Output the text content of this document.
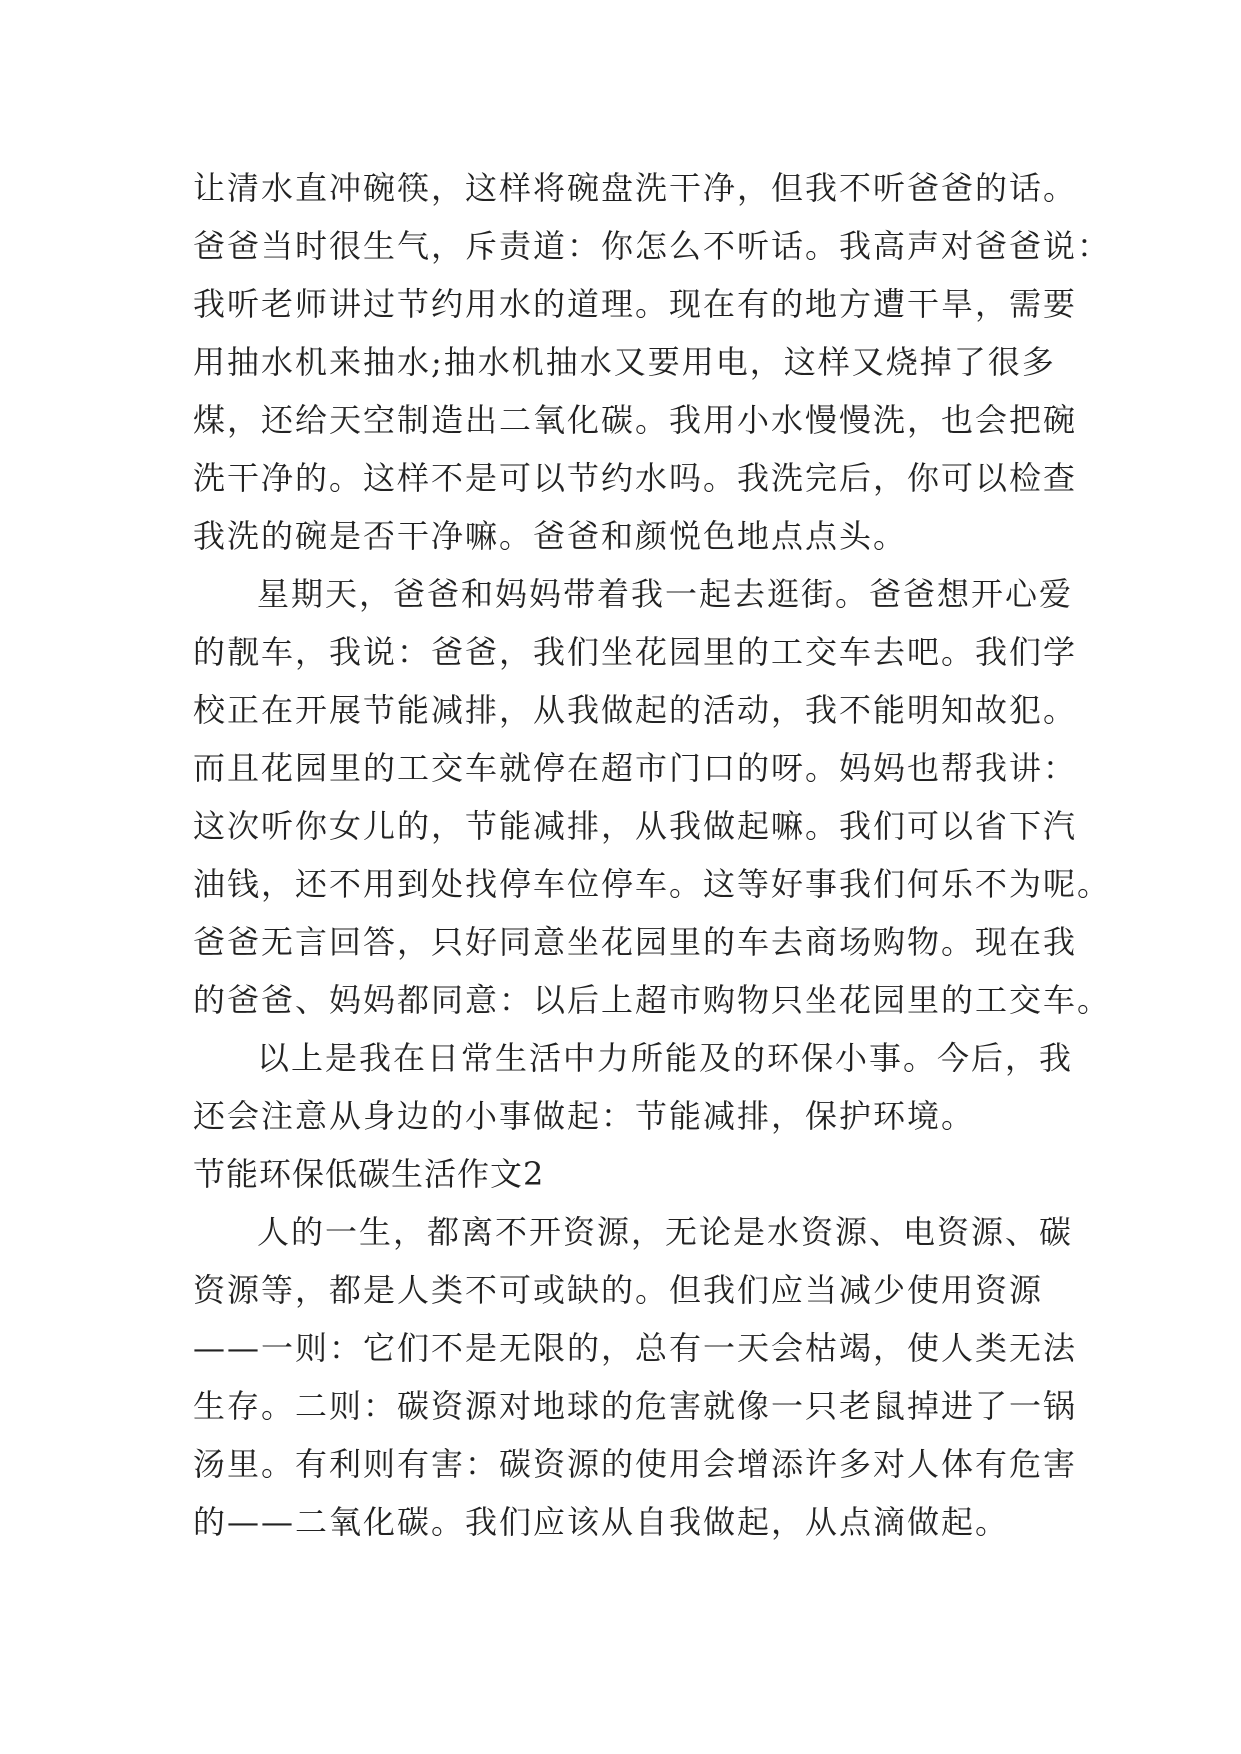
让清水直冲碗筷，这样将碗盘洗干净，但我不听爸爸的话。
爸爸当时很生气，斥责道：你怎么不听话。我高声对爸爸说：
我听老师讲过节约用水的道理。现在有的地方遭干旱，需要
用抽水机来抽水;抽水机抽水又要用电，这样又烧掉了很多
煤，还给天空制造出二氧化碳。我用小水慢慢洗，也会把碗
洗干净的。这样不是可以节约水吗。我洗完后，你可以检查
我洗的碗是否干净嘛。爸爸和颜悦色地点点头。
星期天，爸爸和妈妈带着我一起去逛街。爸爸想开心爱
的靓车，我说：爸爸，我们坐花园里的工交车去吧。我们学
校正在开展节能减排，从我做起的活动，我不能明知故犯。
而且花园里的工交车就停在超市门口的呀。妈妈也帮我讲：
这次听你女儿的，节能减排，从我做起嘛。我们可以省下汽
油钱，还不用到处找停车位停车。这等好事我们何乐不为呢。
爸爸无言回答，只好同意坐花园里的车去商场购物。现在我
的爸爸、妈妈都同意：以后上超市购物只坐花园里的工交车。
以上是我在日常生活中力所能及的环保小事。今后，我
还会注意从身边的小事做起：节能减排，保护环境。
节能环保低碳生活作文2
人的一生，都离不开资源，无论是水资源、电资源、碳
资源等，都是人类不可或缺的。但我们应当减少使用资源
——一则：它们不是无限的，总有一天会枯竭，使人类无法
生存。二则：碳资源对地球的危害就像一只老鼠掉进了一锅
汤里。有利则有害：碳资源的使用会增添许多对人体有危害
的——二氧化碳。我们应该从自我做起，从点滴做起。
